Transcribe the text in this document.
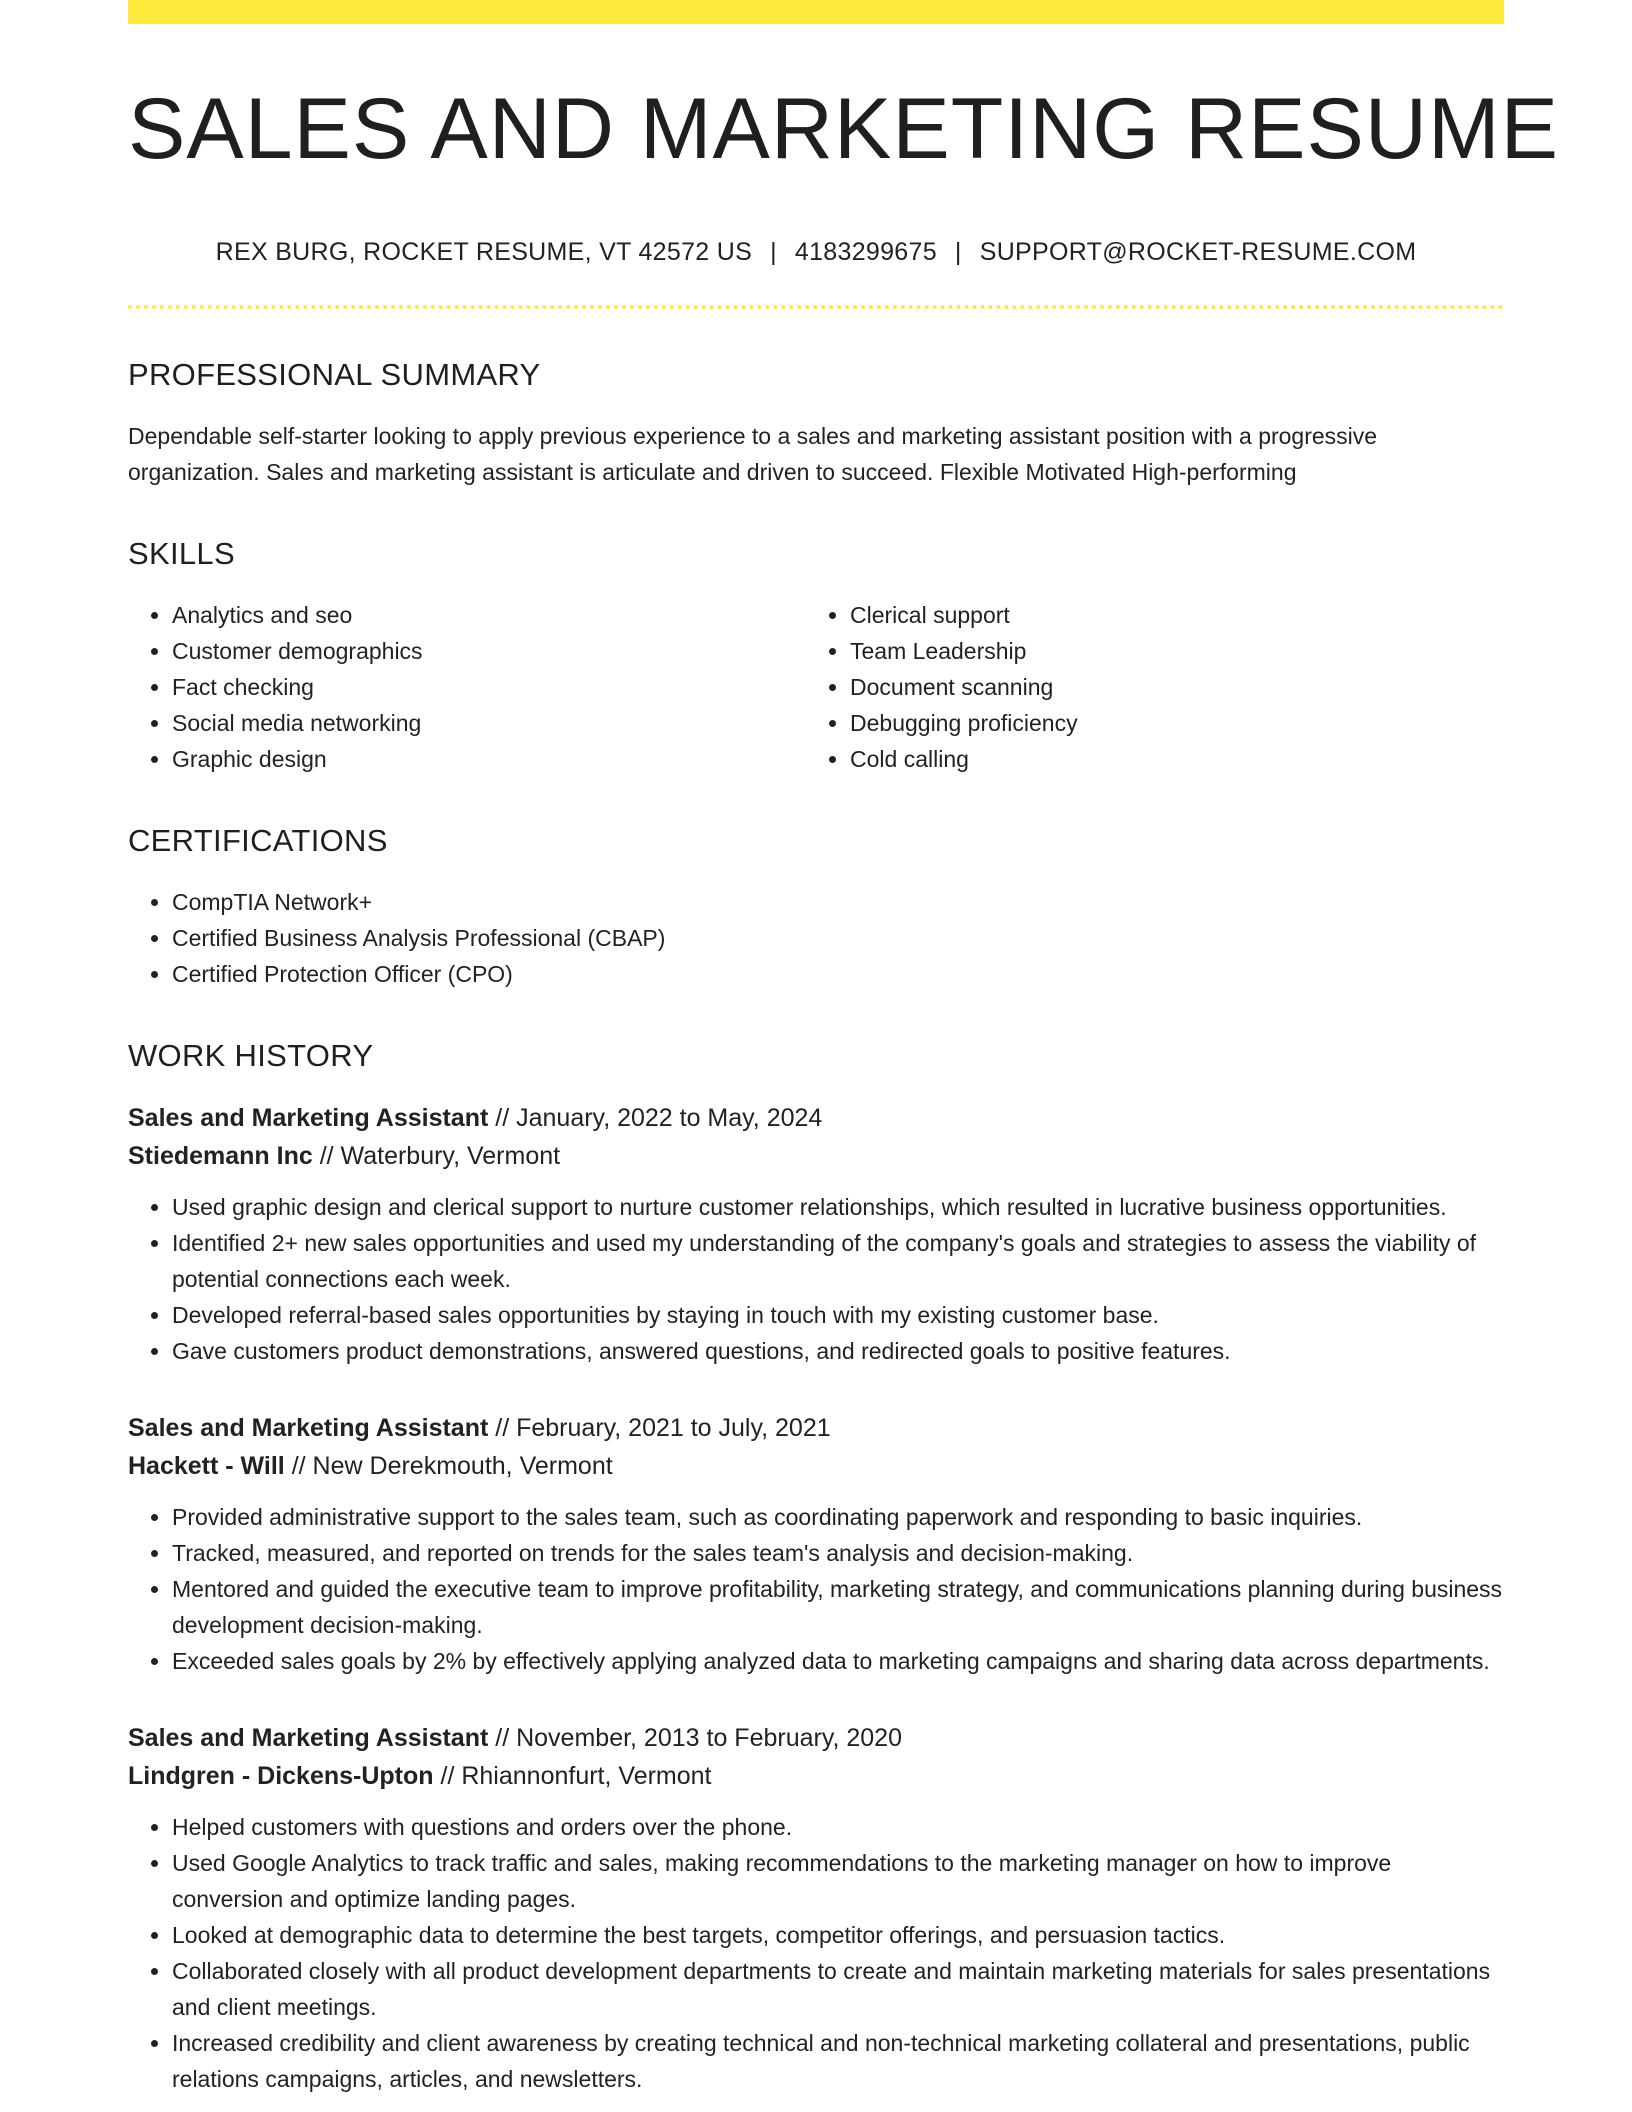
SALES AND MARKETING RESUME
REX BURG, ROCKET RESUME, VT 42572 US | 4183299675 | SUPPORT@ROCKET-RESUME.COM
PROFESSIONAL SUMMARY

Dependable self-starter looking to apply previous experience to a sales and marketing assistant position with a progressive organization. Sales and marketing assistant is articulate and driven to succeed. Flexible Motivated High-performing

SKILLS
• Analytics and seo
• Customer demographics
• Fact checking
• Social media networking
• Graphic design
• Clerical support
• Team Leadership
• Document scanning
• Debugging proficiency
• Cold calling
CERTIFICATIONS
• CompTIA Network+
• Certified Business Analysis Professional (CBAP)
• Certified Protection Officer (CPO)
WORK HISTORY
Sales and Marketing Assistant // January, 2022 to May, 2024
Stiedemann Inc // Waterbury, Vermont
• Used graphic design and clerical support to nurture customer relationships, which resulted in lucrative business opportunities.
• Identified 2+ new sales opportunities and used my understanding of the company's goals and strategies to assess the viability of potential connections each week.
• Developed referral-based sales opportunities by staying in touch with my existing customer base.
• Gave customers product demonstrations, answered questions, and redirected goals to positive features.
Sales and Marketing Assistant // February, 2021 to July, 2021
Hackett - Will // New Derekmouth, Vermont
• Provided administrative support to the sales team, such as coordinating paperwork and responding to basic inquiries.
• Tracked, measured, and reported on trends for the sales team's analysis and decision-making.
• Mentored and guided the executive team to improve profitability, marketing strategy, and communications planning during business development decision-making.
• Exceeded sales goals by 2% by effectively applying analyzed data to marketing campaigns and sharing data across departments.
Sales and Marketing Assistant // November, 2013 to February, 2020
Lindgren - Dickens-Upton // Rhiannonfurt, Vermont
• Helped customers with questions and orders over the phone.
• Used Google Analytics to track traffic and sales, making recommendations to the marketing manager on how to improve conversion and optimize landing pages.
• Looked at demographic data to determine the best targets, competitor offerings, and persuasion tactics.
• Collaborated closely with all product development departments to create and maintain marketing materials for sales presentations and client meetings.
• Increased credibility and client awareness by creating technical and non-technical marketing collateral and presentations, public relations campaigns, articles, and newsletters.
